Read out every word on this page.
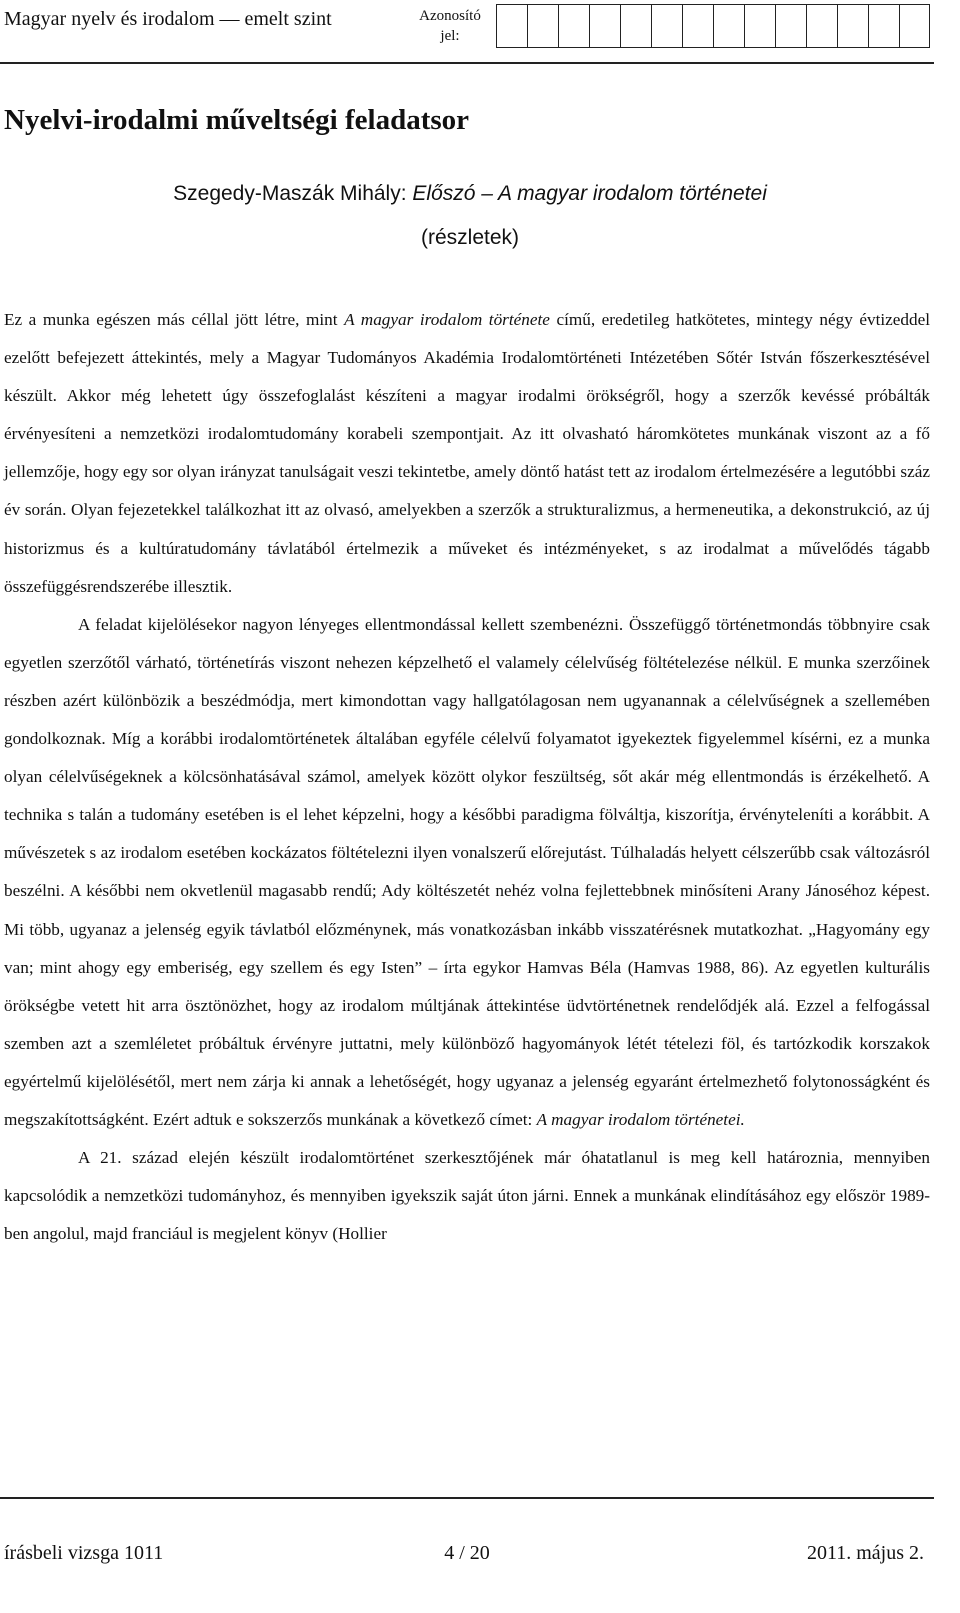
Magyar nyelv és irodalom — emelt szint	Azonosító
jel:
Nyelvi-irodalmi műveltségi feladatsor

Szegedy-Maszák Mihály: Előszó – A magyar irodalom történetei

(részletek)

Ez a munka egészen más céllal jött létre, mint A magyar irodalom története című, eredetileg hatkötetes, mintegy négy évtizeddel ezelőtt befejezett áttekintés, mely a Magyar Tudományos Akadémia Irodalomtörténeti Intézetében Sőtér István főszerkesztésével készült. Akkor még lehetett úgy összefoglalást készíteni a magyar irodalmi örökségről, hogy a szerzők kevéssé próbálták érvényesíteni a nemzetközi irodalomtudomány korabeli szempontjait. Az itt olvasható háromkötetes munkának viszont az a fő jellemzője, hogy egy sor olyan irányzat tanulságait veszi tekintetbe, amely döntő hatást tett az irodalom értelmezésére a legutóbbi száz év során. Olyan fejezetekkel találkozhat itt az olvasó, amelyekben a szerzők a strukturalizmus, a hermeneutika, a dekonstrukció, az új historizmus és a kultúratudomány távlatából értelmezik a műveket és intézményeket, s az irodalmat a művelődés tágabb összefüggésrendszerébe illesztik.

A feladat kijelölésekor nagyon lényeges ellentmondással kellett szembenézni. Összefüggő történetmondás többnyire csak egyetlen szerzőtől várható, történetírás viszont nehezen képzelhető el valamely célelvűség föltételezése nélkül. E munka szerzőinek részben azért különbözik a beszédmódja, mert kimondottan vagy hallgatólagosan nem ugyanannak a célelvűségnek a szellemében gondolkoznak. Míg a korábbi irodalomtörténetek általában egyféle célelvű folyamatot igyekeztek figyelemmel kísérni, ez a munka olyan célelvűségeknek a kölcsönhatásával számol, amelyek között olykor feszültség, sőt akár még ellentmondás is érzékelhető. A technika s talán a tudomány esetében is el lehet képzelni, hogy a későbbi paradigma fölváltja, kiszorítja, érvényteleníti a korábbit. A művészetek s az irodalom esetében kockázatos föltételezni ilyen vonalszerű előrejutást. Túlhaladás helyett célszerűbb csak változásról beszélni. A későbbi nem okvetlenül magasabb rendű; Ady költészetét nehéz volna fejlettebbnek minősíteni Arany Jánoséhoz képest. Mi több, ugyanaz a jelenség egyik távlatból előzménynek, más vonatkozásban inkább visszatérésnek mutatkozhat. „Hagyomány egy van; mint ahogy egy emberiség, egy szellem és egy Isten” – írta egykor Hamvas Béla (Hamvas 1988, 86). Az egyetlen kulturális örökségbe vetett hit arra ösztönözhet, hogy az irodalom múltjának áttekintése üdvtörténetnek rendelődjék alá. Ezzel a felfogással szemben azt a szemléletet próbáltuk érvényre juttatni, mely különböző hagyományok létét tételezi föl, és tartózkodik korszakok egyértelmű kijelölésétől, mert nem zárja ki annak a lehetőségét, hogy ugyanaz a jelenség egyaránt értelmezhető folytonosságként és megszakítottságként. Ezért adtuk e sokszerzős munkának a következő címet: A magyar irodalom történetei.

A 21. század elején készült irodalomtörténet szerkesztőjének már óhatatlanul is meg kell határoznia, mennyiben kapcsolódik a nemzetközi tudományhoz, és mennyiben igyekszik saját úton járni. Ennek a munkának elindításához egy először 1989-ben angolul, majd franciául is megjelent könyv (Hollier

írásbeli vizsga 1011	4 / 20	2011. május 2.
